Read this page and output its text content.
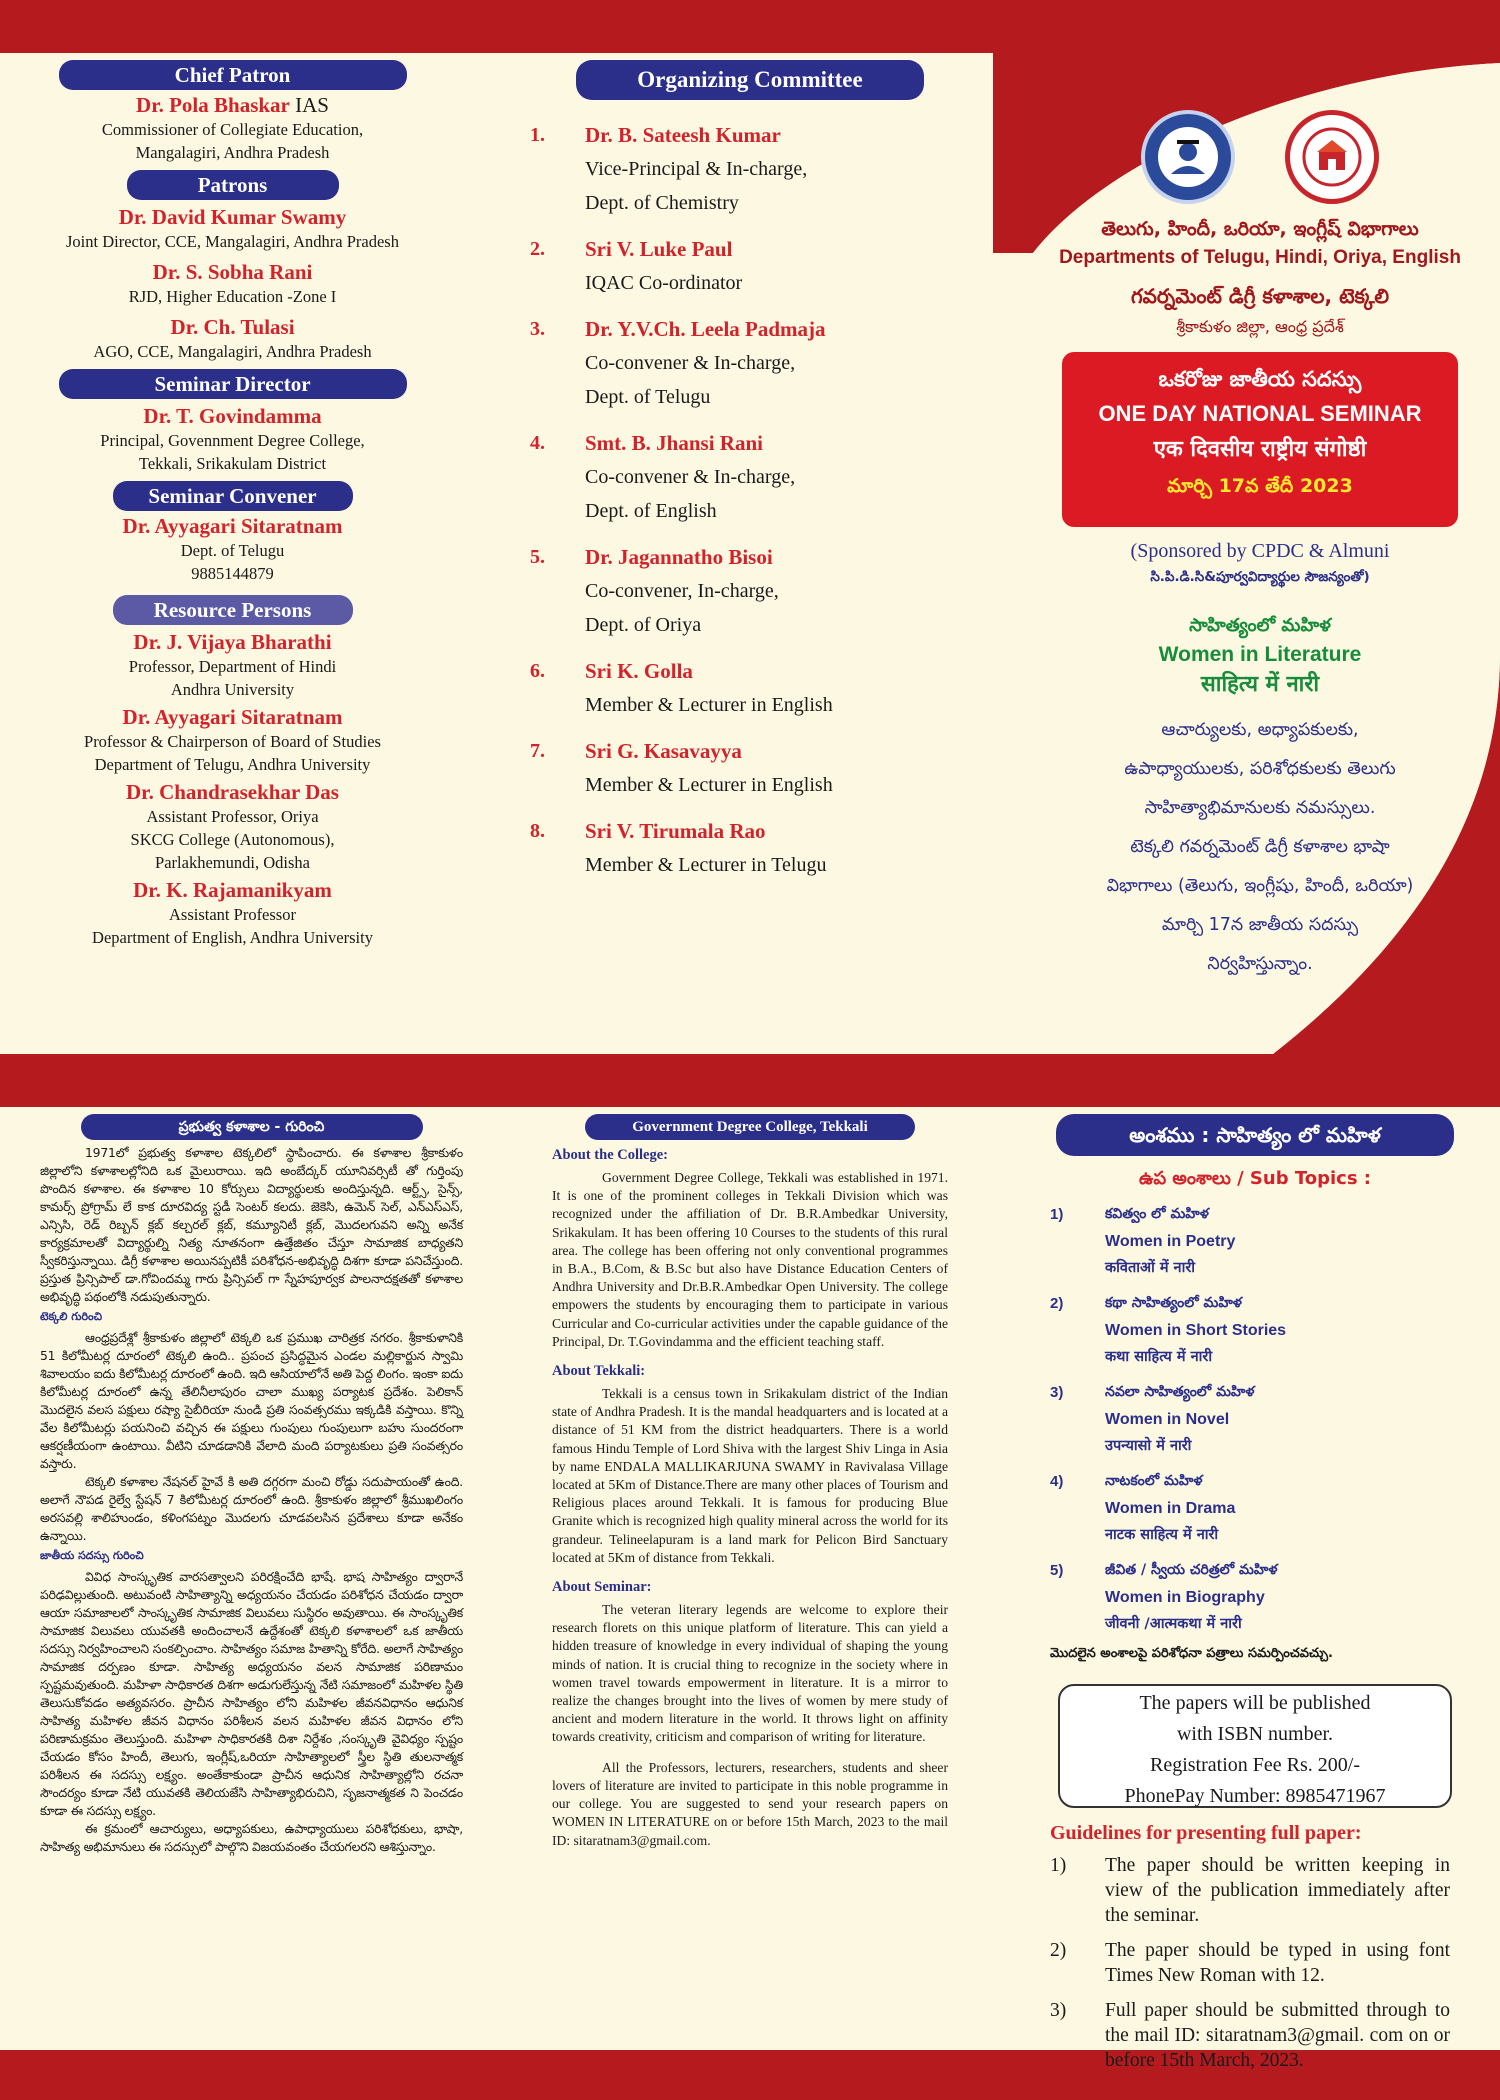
Chief Patron
Dr. Pola Bhaskar IAS
Commissioner of Collegiate Education,
Mangalagiri, Andhra Pradesh
Patrons
Dr. David Kumar Swamy
Joint Director, CCE, Mangalagiri, Andhra Pradesh
Dr. S. Sobha Rani
RJD, Higher Education -Zone I
Dr. Ch. Tulasi
AGO, CCE, Mangalagiri, Andhra Pradesh
Seminar Director
Dr. T. Govindamma
Principal, Govennment Degree College,
Tekkali, Srikakulam District
Seminar Convener
Dr. Ayyagari Sitaratnam
Dept. of Telugu
9885144879
Resource Persons
Dr. J. Vijaya Bharathi
Professor, Department of Hindi
Andhra University
Dr. Ayyagari Sitaratnam
Professor & Chairperson of Board of Studies
Department of Telugu, Andhra University
Dr. Chandrasekhar Das
Assistant Professor, Oriya
SKCG College (Autonomous),
Parlakhemundi, Odisha
Dr. K. Rajamanikyam
Assistant Professor
Department of English, Andhra University
Organizing Committee
1.	Dr. B. Sateesh Kumar
Vice-Principal & In-charge,
Dept. of Chemistry
2.	Sri V. Luke Paul
IQAC Co-ordinator
3.	Dr. Y.V.Ch. Leela Padmaja
Co-convener & In-charge,
Dept. of Telugu
4.	Smt. B. Jhansi Rani
Co-convener & In-charge,
Dept. of English
5.	Dr. Jagannatho Bisoi
Co-convener, In-charge,
Dept. of Oriya
6.	Sri K. Golla
Member & Lecturer in English
7.	Sri G. Kasavayya
Member & Lecturer in English
8.	Sri V. Tirumala Rao
Member & Lecturer in Telugu
తెలుగు, హిందీ, ఒరియా, ఇంగ్లీష్ విభాగాలు
Departments of Telugu, Hindi, Oriya, English
గవర్నమెంట్ డిగ్రీ కళాశాల, టెక్కలి
శ్రీకాకుళం జిల్లా, ఆంధ్ర ప్రదేశ్
ఒకరోజు జాతీయ సదస్సు
ONE DAY NATIONAL SEMINAR
एक दिवसीय राष्ट्रीय संगोष्ठी
మార్చి 17వ తేదీ 2023
(Sponsored by CPDC & Almuni
సి.పి.డి.సి&పూర్వవిద్యార్థుల సౌజన్యంతో)
సాహిత్యంలో మహిళ
Women in Literature
साहित्य में नारी
ఆచార్యులకు, అధ్యాపకులకు,
ఉపాధ్యాయులకు, పరిశోధకులకు తెలుగు
సాహిత్యాభిమానులకు నమస్సులు.
టెక్కలి గవర్నమెంట్ డిగ్రీ కళాశాల భాషా
విభాగాలు (తెలుగు, ఇంగ్లీషు, హిందీ, ఒరియా)
మార్చి 17న జాతీయ సదస్సు
నిర్వహిస్తున్నాం.
ప్రభుత్వ కళాశాల - గురించి

1971లో ప్రభుత్వ కళాశాల టెక్కలిలో స్థాపించారు. ఈ కళాశాల శ్రీకాకుళం జిల్లాలోని కళాశాలల్లోనిది ఒక మైలురాయి. ఇది అంబేద్కర్ యూనివర్సిటీ తో గుర్తింపు పొందిన కళాశాల. ఈ కళాశాల 10 కోర్సులు విద్యార్థులకు అందిస్తున్నది. ఆర్ట్స్, సైన్స్, కామర్స్ ప్రోగ్రామ్ లే కాక దూరవిద్య స్టడీ సెంటర్ కలదు. జెకెసి, ఉమెన్ సెల్, ఎన్ఎస్ఎస్, ఎన్సిసి, రెడ్ రిబ్బన్ క్లబ్ కల్చరల్ క్లబ్, కమ్యూనిటీ క్లబ్, మొదలగువని అన్ని అనేక కార్యక్రమాలతో విద్యార్థుల్ని నిత్య నూతనంగా ఉత్తేజితం చేస్తూ సామాజిక బాధ్యతని స్వీకరిస్తున్నాయి. డిగ్రీ కళాశాల అయినప్పటికీ పరిశోధన-అభివృద్ధి దిశగా కూడా పనిచేస్తుంది. ప్రస్తుత ప్రిన్సిపాల్ డా.గోవిందమ్మ గారు ప్రిన్సిపల్ గా స్నేహపూర్వక పాలనాదక్షతతో కళాశాల అభివృద్ధి పథంలోకి నడుపుతున్నారు.

టెక్కలి గురించి

ఆంధ్రప్రదేశ్లో శ్రీకాకుళం జిల్లాలో టెక్కలి ఒక ప్రముఖ చారిత్రక నగరం. శ్రీకాకుళానికి 51 కిలోమీటర్ల దూరంలో టెక్కలి ఉంది.. ప్రపంచ ప్రసిద్ధమైన ఎండల మల్లికార్జున స్వామి శివాలయం ఐదు కిలోమీటర్ల దూరంలో ఉంది. ఇది ఆసియాలోనే అతి పెద్ద లింగం. ఇంకా ఐదు కిలోమీటర్ల దూరంలో ఉన్న తేలినీలాపురం చాలా ముఖ్య పర్యాటక ప్రదేశం. పెలికాన్ మొదలైన వలస పక్షులు రష్యా సైబీరియా నుండి ప్రతి సంవత్సరము ఇక్కడికి వస్తాయి. కొన్ని వేల కిలోమీటర్లు పయనించి వచ్చిన ఈ పక్షులు గుంపులు గుంపులుగా బహు సుందరంగా ఆకర్షణీయంగా ఉంటాయి. వీటిని చూడడానికి వేలాది మంది పర్యాటకులు ప్రతి సంవత్సరం వస్తారు.

టెక్కలి కళాశాల నేషనల్ హైవే కి అతి దగ్గరగా మంచి రోడ్డు సదుపాయంతో ఉంది. అలాగే నౌపడ రైల్వే స్టేషన్ 7 కిలోమీటర్ల దూరంలో ఉంది. శ్రీకాకుళం జిల్లాలో శ్రీముఖలింగం అరసవల్లి శాలిహుండం, కళింగపట్నం మొదలగు చూడవలసిన ప్రదేశాలు కూడా అనేకం ఉన్నాయి.

జాతీయ సదస్సు గురించి

వివిధ సాంస్కృతిక వారసత్వాలని పరిరక్షించేది భాషే. భాష సాహిత్యం ద్వారానే పరిఢవిల్లుతుంది. అటువంటి సాహిత్యాన్ని అధ్యయనం చేయడం పరిశోధన చేయడం ద్వారా ఆయా సమాజాలలో సాంస్కృతిక సామాజిక విలువలు సుస్థిరం అవుతాయి. ఈ సాంస్కృతిక సామాజిక విలువలు యువతకి అందించాలనే ఉద్దేశంతో టెక్కలి కళాశాలలో ఒక జాతీయ సదస్సు నిర్వహించాలని సంకల్పించాం. సాహిత్యం సమాజ హితాన్ని కోరేది. అలాగే సాహిత్యం సామాజిక దర్పణం కూడా. సాహిత్య అధ్యయనం వలన సామాజిక పరిణామం స్పష్టమవుతుంది. మహిళా సాధికారత దిశగా అడుగులేస్తున్న నేటి సమాజంలో మహిళల స్థితి తెలుసుకోవడం అత్యవసరం. ప్రాచీన సాహిత్యం లోని మహిళల జీవనవిధానం ఆధునిక సాహిత్య మహిళల జీవన విధానం పరిశీలన వలన మహిళల జీవన విధానం లోని పరిణామక్రమం తెలుస్తుంది. మహిళా సాధికారతకి దిశా నిర్దేశం ,సంస్కృతి వైవిధ్యం స్పష్టం చేయడం కోసం హిందీ, తెలుగు, ఇంగ్లీష్,ఒరియా సాహిత్యాలలో స్త్రీల స్థితి తులనాత్మక పరిశీలన ఈ సదస్సు లక్ష్యం. అంతేకాకుండా ప్రాచీన ఆధునిక సాహిత్యాల్లోని రచనా సౌందర్యం కూడా నేటి యువతకి తెలియజేసి సాహిత్యాభిరుచిని, సృజనాత్మకత ని పెంచడం కూడా ఈ సదస్సు లక్ష్యం.

ఈ క్రమంలో ఆచార్యులు, అధ్యాపకులు, ఉపాధ్యాయులు పరిశోధకులు, భాషా, సాహిత్య అభిమానులు ఈ సదస్సులో పాల్గొని విజయవంతం చేయగలరని ఆశిస్తున్నాం.

Government Degree College, Tekkali
About the College:

Government Degree College, Tekkali was established in 1971. It is one of the prominent colleges in Tekkali Division which was recognized under the affiliation of Dr. B.R.Ambedkar University, Srikakulam. It has been offering 10 Courses to the students of this rural area. The college has been offering not only conventional programmes in B.A., B.Com, & B.Sc but also have Distance Education Centers of Andhra University and Dr.B.R.Ambedkar Open University. The college empowers the students by encouraging them to participate in various Curricular and Co-curricular activities under the capable guidance of the Principal, Dr. T.Govindamma and the efficient teaching staff.

About Tekkali:

Tekkali is a census town in Srikakulam district of the Indian state of Andhra Pradesh. It is the mandal headquarters and is located at a distance of 51 KM from the district headquarters. There is a world famous Hindu Temple of Lord Shiva with the largest Shiv Linga in Asia by name ENDALA MALLIKARJUNA SWAMY in Ravivalasa Village located at 5Km of Distance.There are many other places of Tourism and Religious places around Tekkali. It is famous for producing Blue Granite which is recognized high quality mineral across the world for its grandeur. Telineelapuram is a land mark for Pelicon Bird Sanctuary located at 5Km of distance from Tekkali.

About Seminar:

The veteran literary legends are welcome to explore their research florets on this unique platform of literature. This can yield a hidden treasure of knowledge in every individual of shaping the young minds of nation. It is crucial thing to recognize in the society where in women travel towards empowerment in literature. It is a mirror to realize the changes brought into the lives of women by mere study of ancient and modern literature in the world. It throws light on affinity towards creativity, criticism and comparison of writing for literature.

All the Professors, lecturers, researchers, students and sheer lovers of literature are invited to participate in this noble programme in our college. You are suggested to send your research papers on WOMEN IN LITERATURE on or before 15th March, 2023 to the mail ID: sitaratnam3@gmail.com.

అంశము : సాహిత్యం లో మహిళ
ఉప అంశాలు / Sub Topics :
1)	కవిత్వం లో మహిళ
Women in Poetry
कविताओं में नारी
2)	కథా సాహిత్యంలో మహిళ
Women in Short Stories
कथा साहित्य में नारी
3)	నవలా సాహిత్యంలో మహిళ
Women in Novel
उपन्यासो में नारी
4)	నాటకంలో మహిళ
Women in Drama
नाटक साहित्य में नारी
5)	జీవిత / స్వీయ చరిత్రలో మహిళ
Women in Biography
जीवनी /आत्मकथा में नारी
మొదలైన అంశాలపై పరిశోధనా పత్రాలు సమర్పించవచ్చు.
The papers will be published
with ISBN number.
Registration Fee Rs. 200/-
PhonePay Number: 8985471967
Guidelines for presenting full paper:
1)	The paper should be written keeping in view of the publication immediately after the seminar.
2)	The paper should be typed in using font Times New Roman with 12.
3)	Full paper should be submitted through to the mail ID: sitaratnam3@gmail. com on or before 15th March, 2023.
